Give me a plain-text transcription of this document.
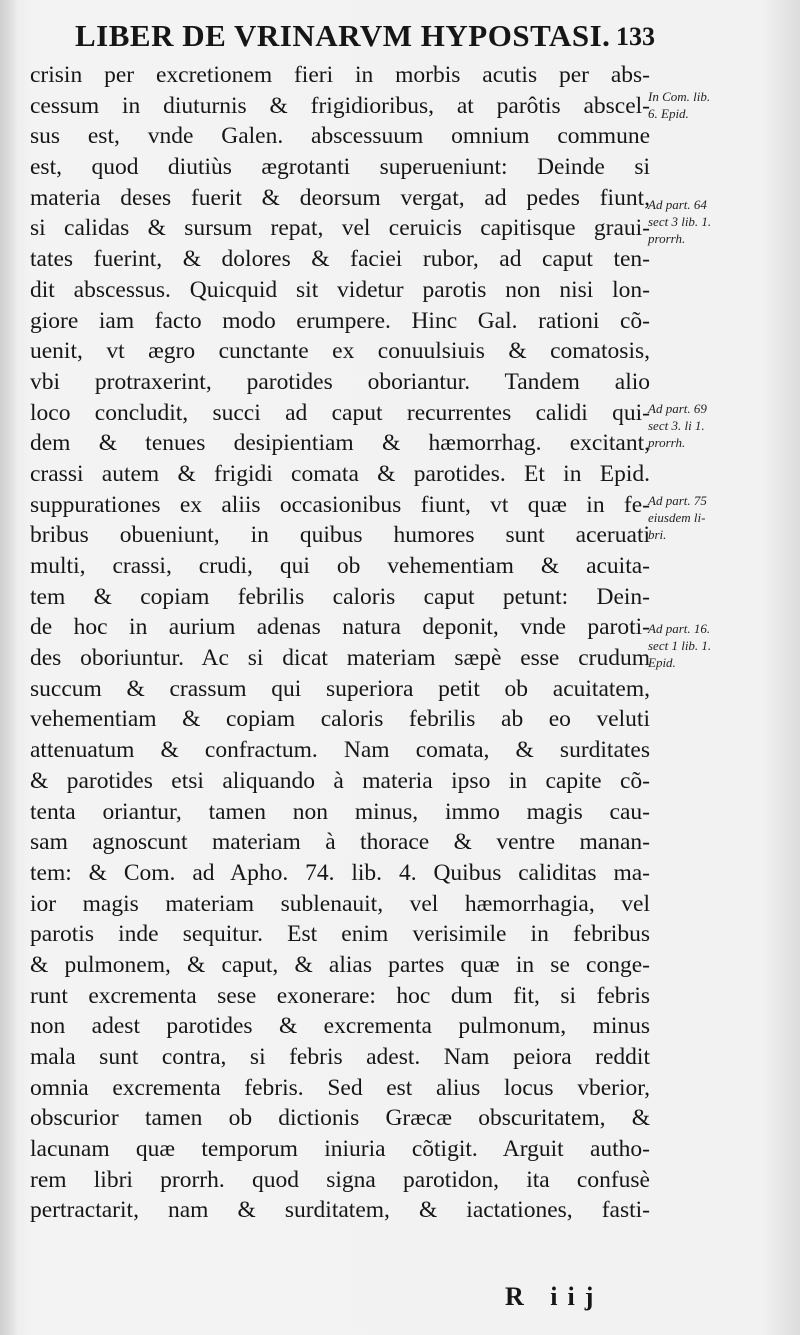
LIBER DE VRINARVM HYPOSTASI. 133
crisin per excretionem fieri in morbis acutis per abs-
cessum in diuturnis & frigidioribus, at parôtis abscel-
sus est, vnde Galen. abscessuum omnium commune
est, quod diutiùs ægrotanti superueniunt: Deinde si
materia deses fuerit & deorsum vergat, ad pedes fiunt,
si calidas & sursum repat, vel ceruicis capitisque graui-
tates fuerint, & dolores & faciei rubor, ad caput ten-
dit abscessus. Quicquid sit videtur parotis non nisi lon-
giore iam facto modo erumpere. Hinc Gal. rationi cõ-
uenit, vt ægro cunctante ex conuulsiuis & comatosis,
vbi protraxerint, parotides oboriantur. Tandem alio
loco concludit, succi ad caput recurrentes calidi qui-
dem & tenues desipientiam & hæmorrhag. excitant,
crassi autem & frigidi comata & parotides. Et in Epid.
suppurationes ex aliis occasionibus fiunt, vt quæ in fe-
bribus obueniunt, in quibus humores sunt aceruati
multi, crassi, crudi, qui ob vehementiam & acuita-
tem & copiam febrilis caloris caput petunt: Dein-
de hoc in aurium adenas natura deponit, vnde paroti-
des oboriuntur. Ac si dicat materiam sæpè esse crudum
succum & crassum qui superiora petit ob acuitatem,
vehementiam & copiam caloris febrilis ab eo veluti
attenuatum & confractum. Nam comata, & surditates
& parotides etsi aliquando à materia ipso in capite cõ-
tenta oriantur, tamen non minus, immo magis cau-
sam agnoscunt materiam à thorace & ventre manan-
tem: & Com. ad Apho. 74. lib. 4. Quibus caliditas ma-
ior magis materiam sublenauit, vel hæmorrhagia, vel
parotis inde sequitur. Est enim verisimile in febribus
& pulmonem, & caput, & alias partes quæ in se conge-
runt excrementa sese exonerare: hoc dum fit, si febris
non adest parotides & excrementa pulmonum, minus
mala sunt contra, si febris adest. Nam peiora reddit
omnia excrementa febris. Sed est alius locus vberior,
obscurior tamen ob dictionis Græcæ obscuritatem, &
lacunam quæ temporum iniuria cõtigit. Arguit autho-
rem libri prorrh. quod signa parotidon, ita confusè
pertractarit, nam & surditatem, & iactationes, fasti-
In Com. lib.
6. Epid.
Ad part. 64
sect 3 lib. 1.
prorrh.
Ad part. 69
sect 3. li 1.
prorrh.
Ad part. 75
eiusdem li-
bri.
Ad part. 16.
sect 1 lib. 1.
Epid.
R iij
